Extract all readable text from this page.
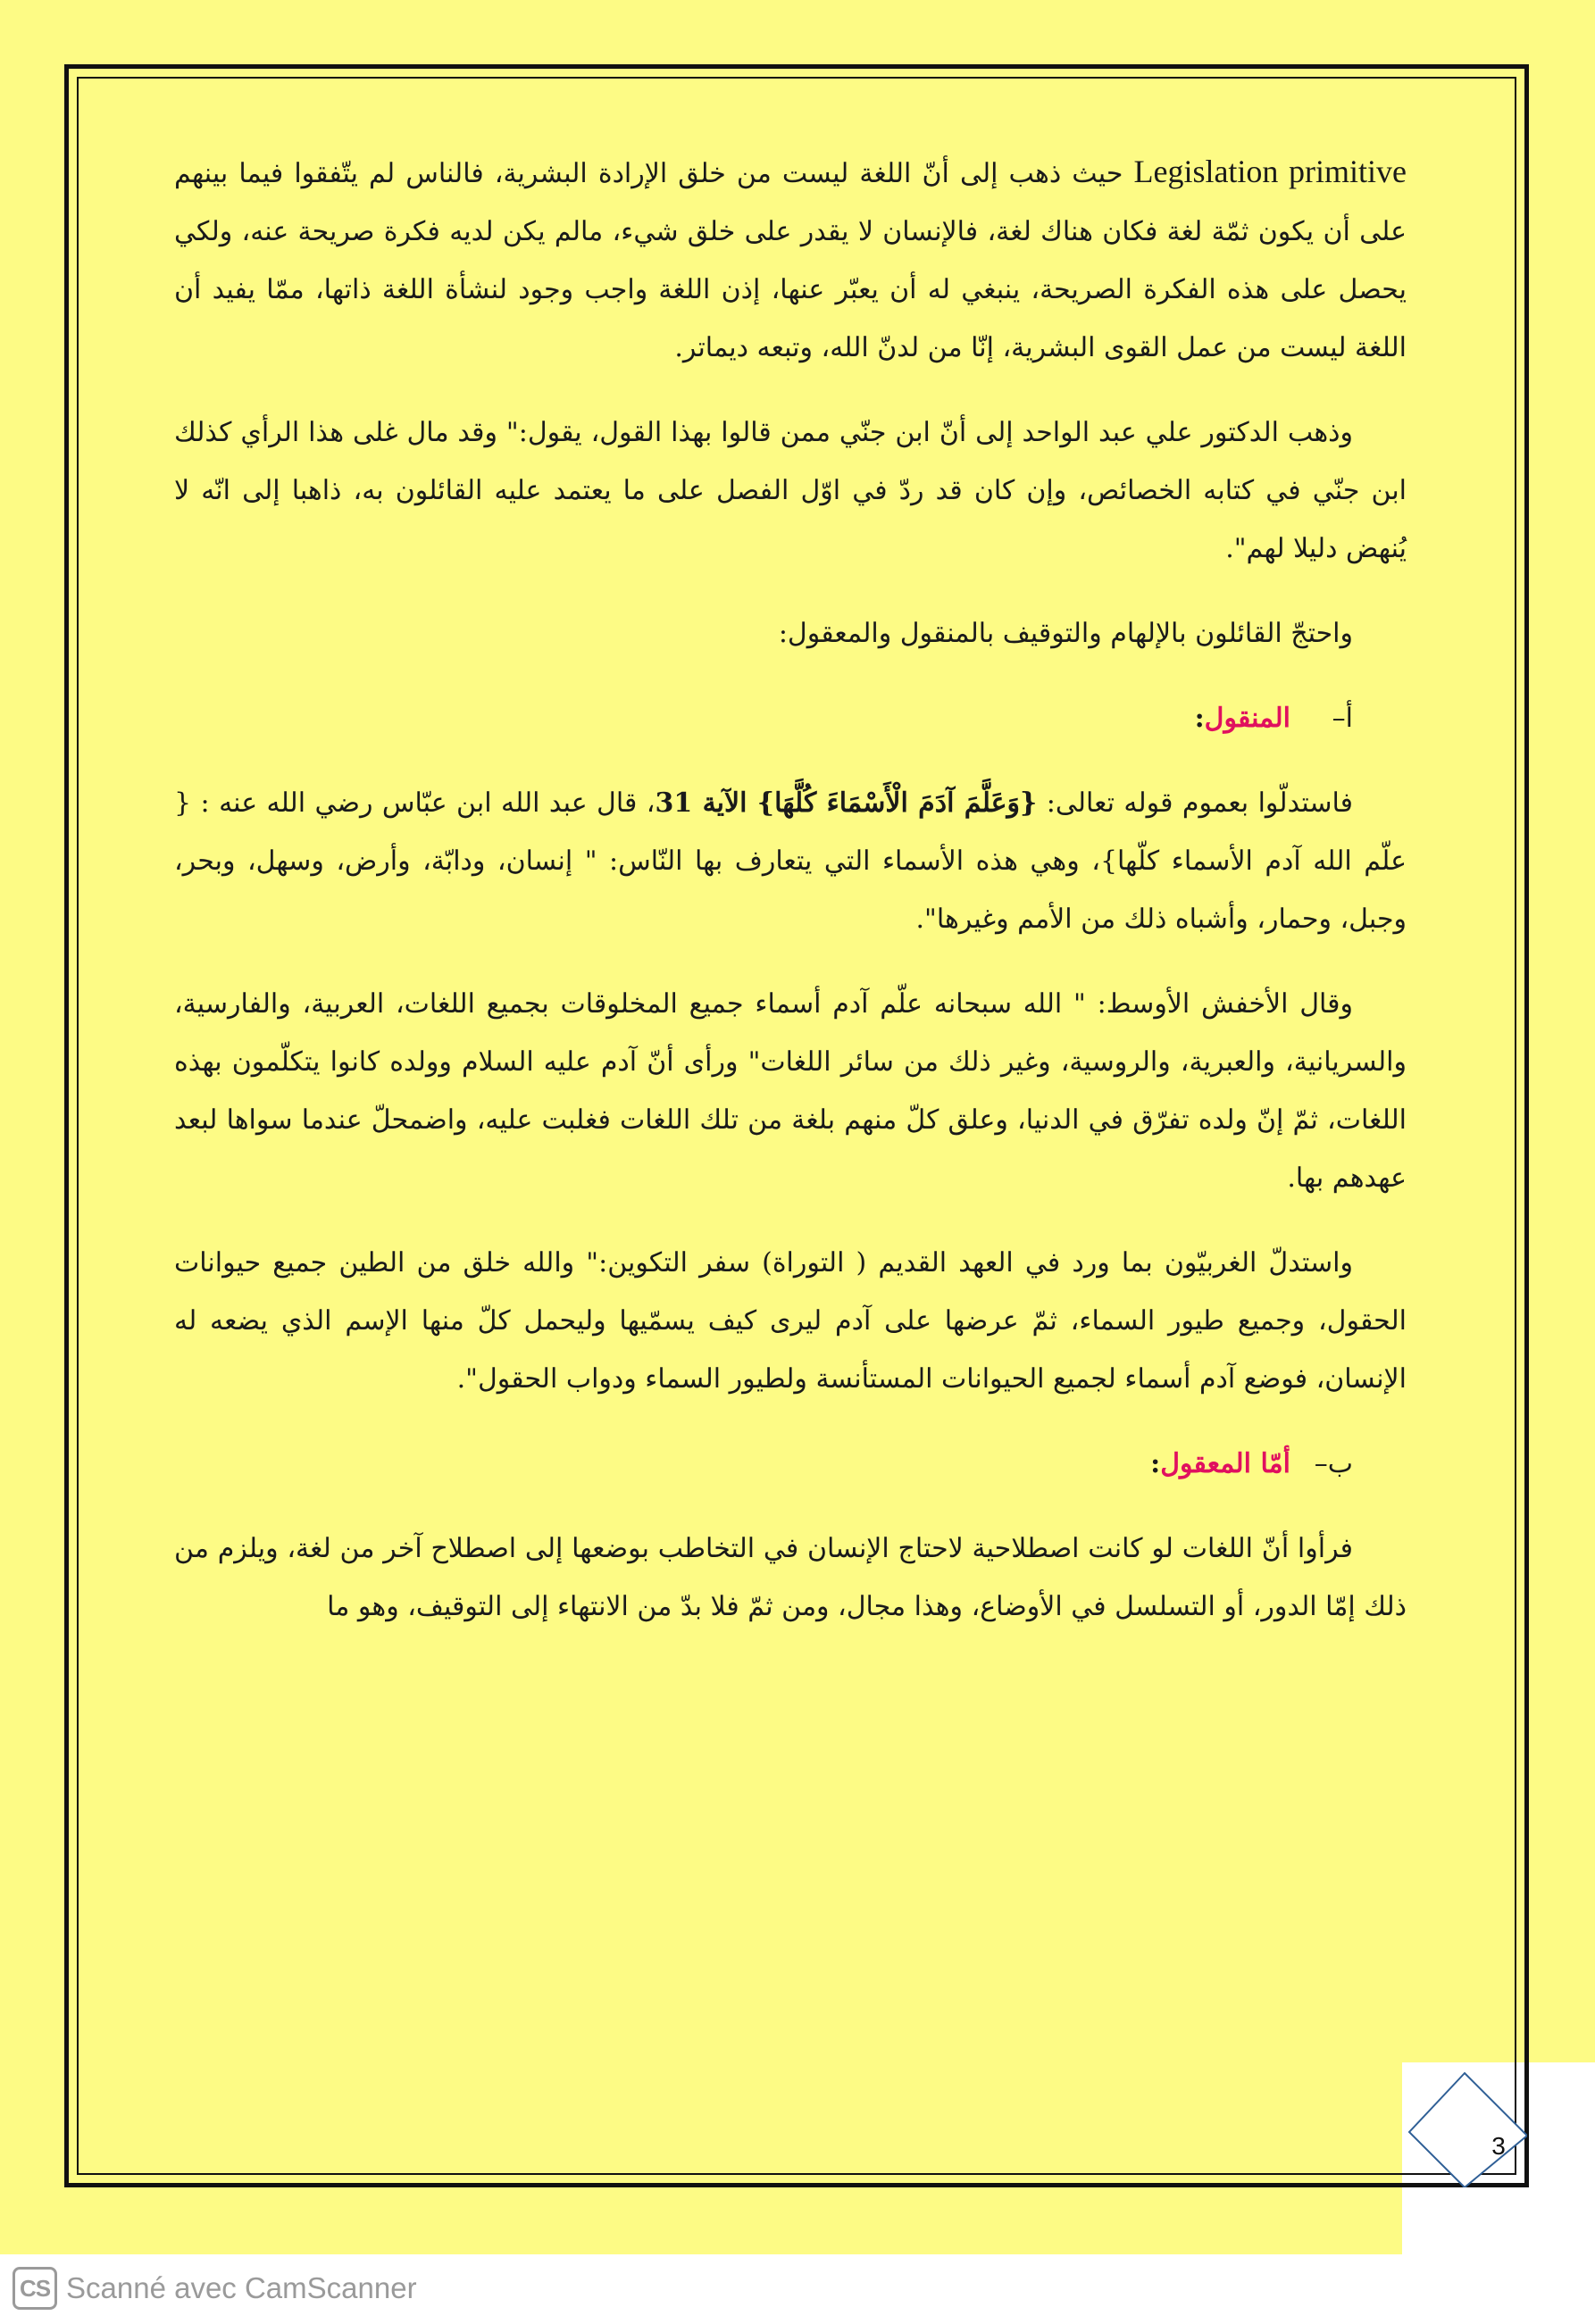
Legislation primitive حيث ذهب إلى أنّ اللغة ليست من خلق الإرادة البشرية، فالناس لم يتّفقوا فيما بينهم على أن يكون ثمّة لغة فكان هناك لغة، فالإنسان لا يقدر على خلق شيء، مالم يكن لديه فكرة صريحة عنه، ولكي يحصل على هذه الفكرة الصريحة، ينبغي له أن يعبّر عنها، إذن اللغة واجب وجود لنشأة اللغة ذاتها، ممّا يفيد أن اللغة ليست من عمل القوى البشرية، إنّا من لدنّ الله، وتبعه ديماتر.

وذهب الدكتور علي عبد الواحد إلى أنّ ابن جنّي ممن قالوا بهذا القول، يقول:" وقد مال غلى هذا الرأي كذلك ابن جنّي في كتابه الخصائص، وإن كان قد ردّ في اوّل الفصل على ما يعتمد عليه القائلون به، ذاهبا إلى انّه لا يُنهض دليلا لهم".

واحتجّ القائلون بالإلهام والتوقيف بالمنقول والمعقول:

أ–المنقول:

فاستدلّوا بعموم قوله تعالى: {وَعَلَّمَ آدَمَ الْأَسْمَاءَ كُلَّهَا} الآية 31، قال عبد الله ابن عبّاس رضي الله عنه : { علّم الله آدم الأسماء كلّها}، وهي هذه الأسماء التي يتعارف بها النّاس: " إنسان، ودابّة، وأرض، وسهل، وبحر، وجبل، وحمار، وأشباه ذلك من الأمم وغيرها".

وقال الأخفش الأوسط: " الله سبحانه علّم آدم أسماء جميع المخلوقات بجميع اللغات، العربية، والفارسية، والسريانية، والعبرية، والروسية، وغير ذلك من سائر اللغات" ورأى أنّ آدم عليه السلام وولده كانوا يتكلّمون بهذه اللغات، ثمّ إنّ ولده تفرّق في الدنيا، وعلق كلّ منهم بلغة من تلك اللغات فغلبت عليه، واضمحلّ عندما سواها لبعد عهدهم بها.

واستدلّ الغربيّون بما ورد في العهد القديم ( التوراة) سفر التكوين:" والله خلق من الطين جميع حيوانات الحقول، وجميع طيور السماء، ثمّ عرضها على آدم ليرى كيف يسمّيها وليحمل كلّ منها الإسم الذي يضعه له الإنسان، فوضع آدم أسماء لجميع الحيوانات المستأنسة ولطيور السماء ودواب الحقول".

ب–أمّا المعقول:

فرأوا أنّ اللغات لو كانت اصطلاحية لاحتاج الإنسان في التخاطب بوضعها إلى اصطلاح آخر من لغة، ويلزم من ذلك إمّا الدور، أو التسلسل في الأوضاع، وهذا مجال، ومن ثمّ فلا بدّ من الانتهاء إلى التوقيف، وهو ما

3
CS Scanné avec CamScanner
